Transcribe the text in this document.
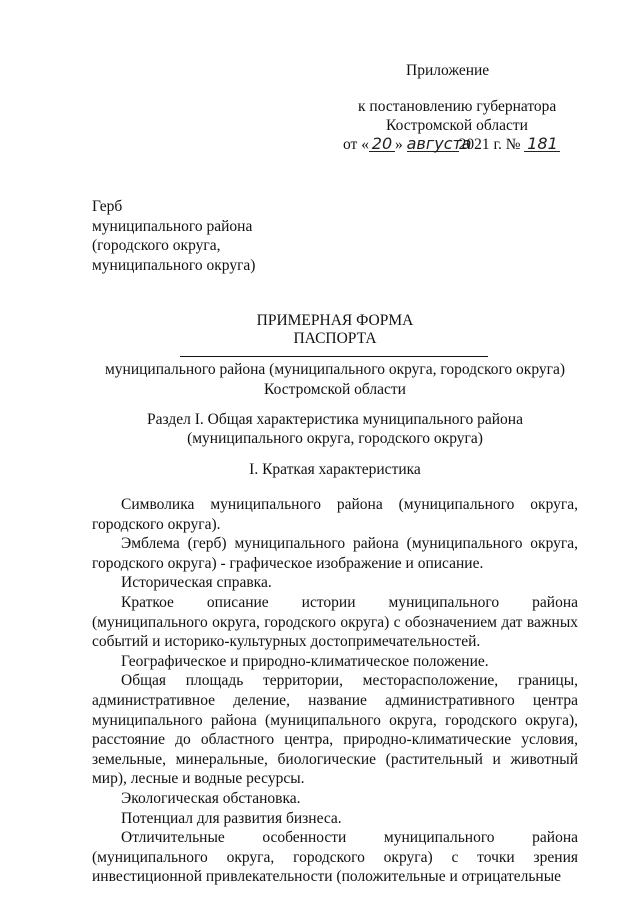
Приложение
к постановлению губернатора
Костромской области
от « 20 » августа2021 г. № 181
Герб
муниципального района
(городского округа,
муниципального округа)
ПРИМЕРНАЯ ФОРМА
ПАСПОРТА
муниципального района (муниципального округа, городского округа)
Костромской области
Раздел I. Общая характеристика муниципального района
(муниципального округа, городского округа)
I. Краткая характеристика

Символика муниципального района (муниципального округа, городского округа).

Эмблема (герб) муниципального района (муниципального округа, городского округа) - графическое изображение и описание.

Историческая справка.

Краткое описание истории муниципального района (муниципального округа, городского округа) с обозначением дат важных событий и историко-культурных достопримечательностей.

Географическое и природно-климатическое положение.

Общая площадь территории, месторасположение, границы, административное деление, название административного центра муниципального района (муниципального округа, городского округа), расстояние до областного центра, природно-климатические условия, земельные, минеральные, биологические (растительный и животный мир), лесные и водные ресурсы.

Экологическая обстановка.

Потенциал для развития бизнеса.

Отличительные особенности муниципального района (муниципального округа, городского округа) с точки зрения инвестиционной привлекательности (положительные и отрицательные
